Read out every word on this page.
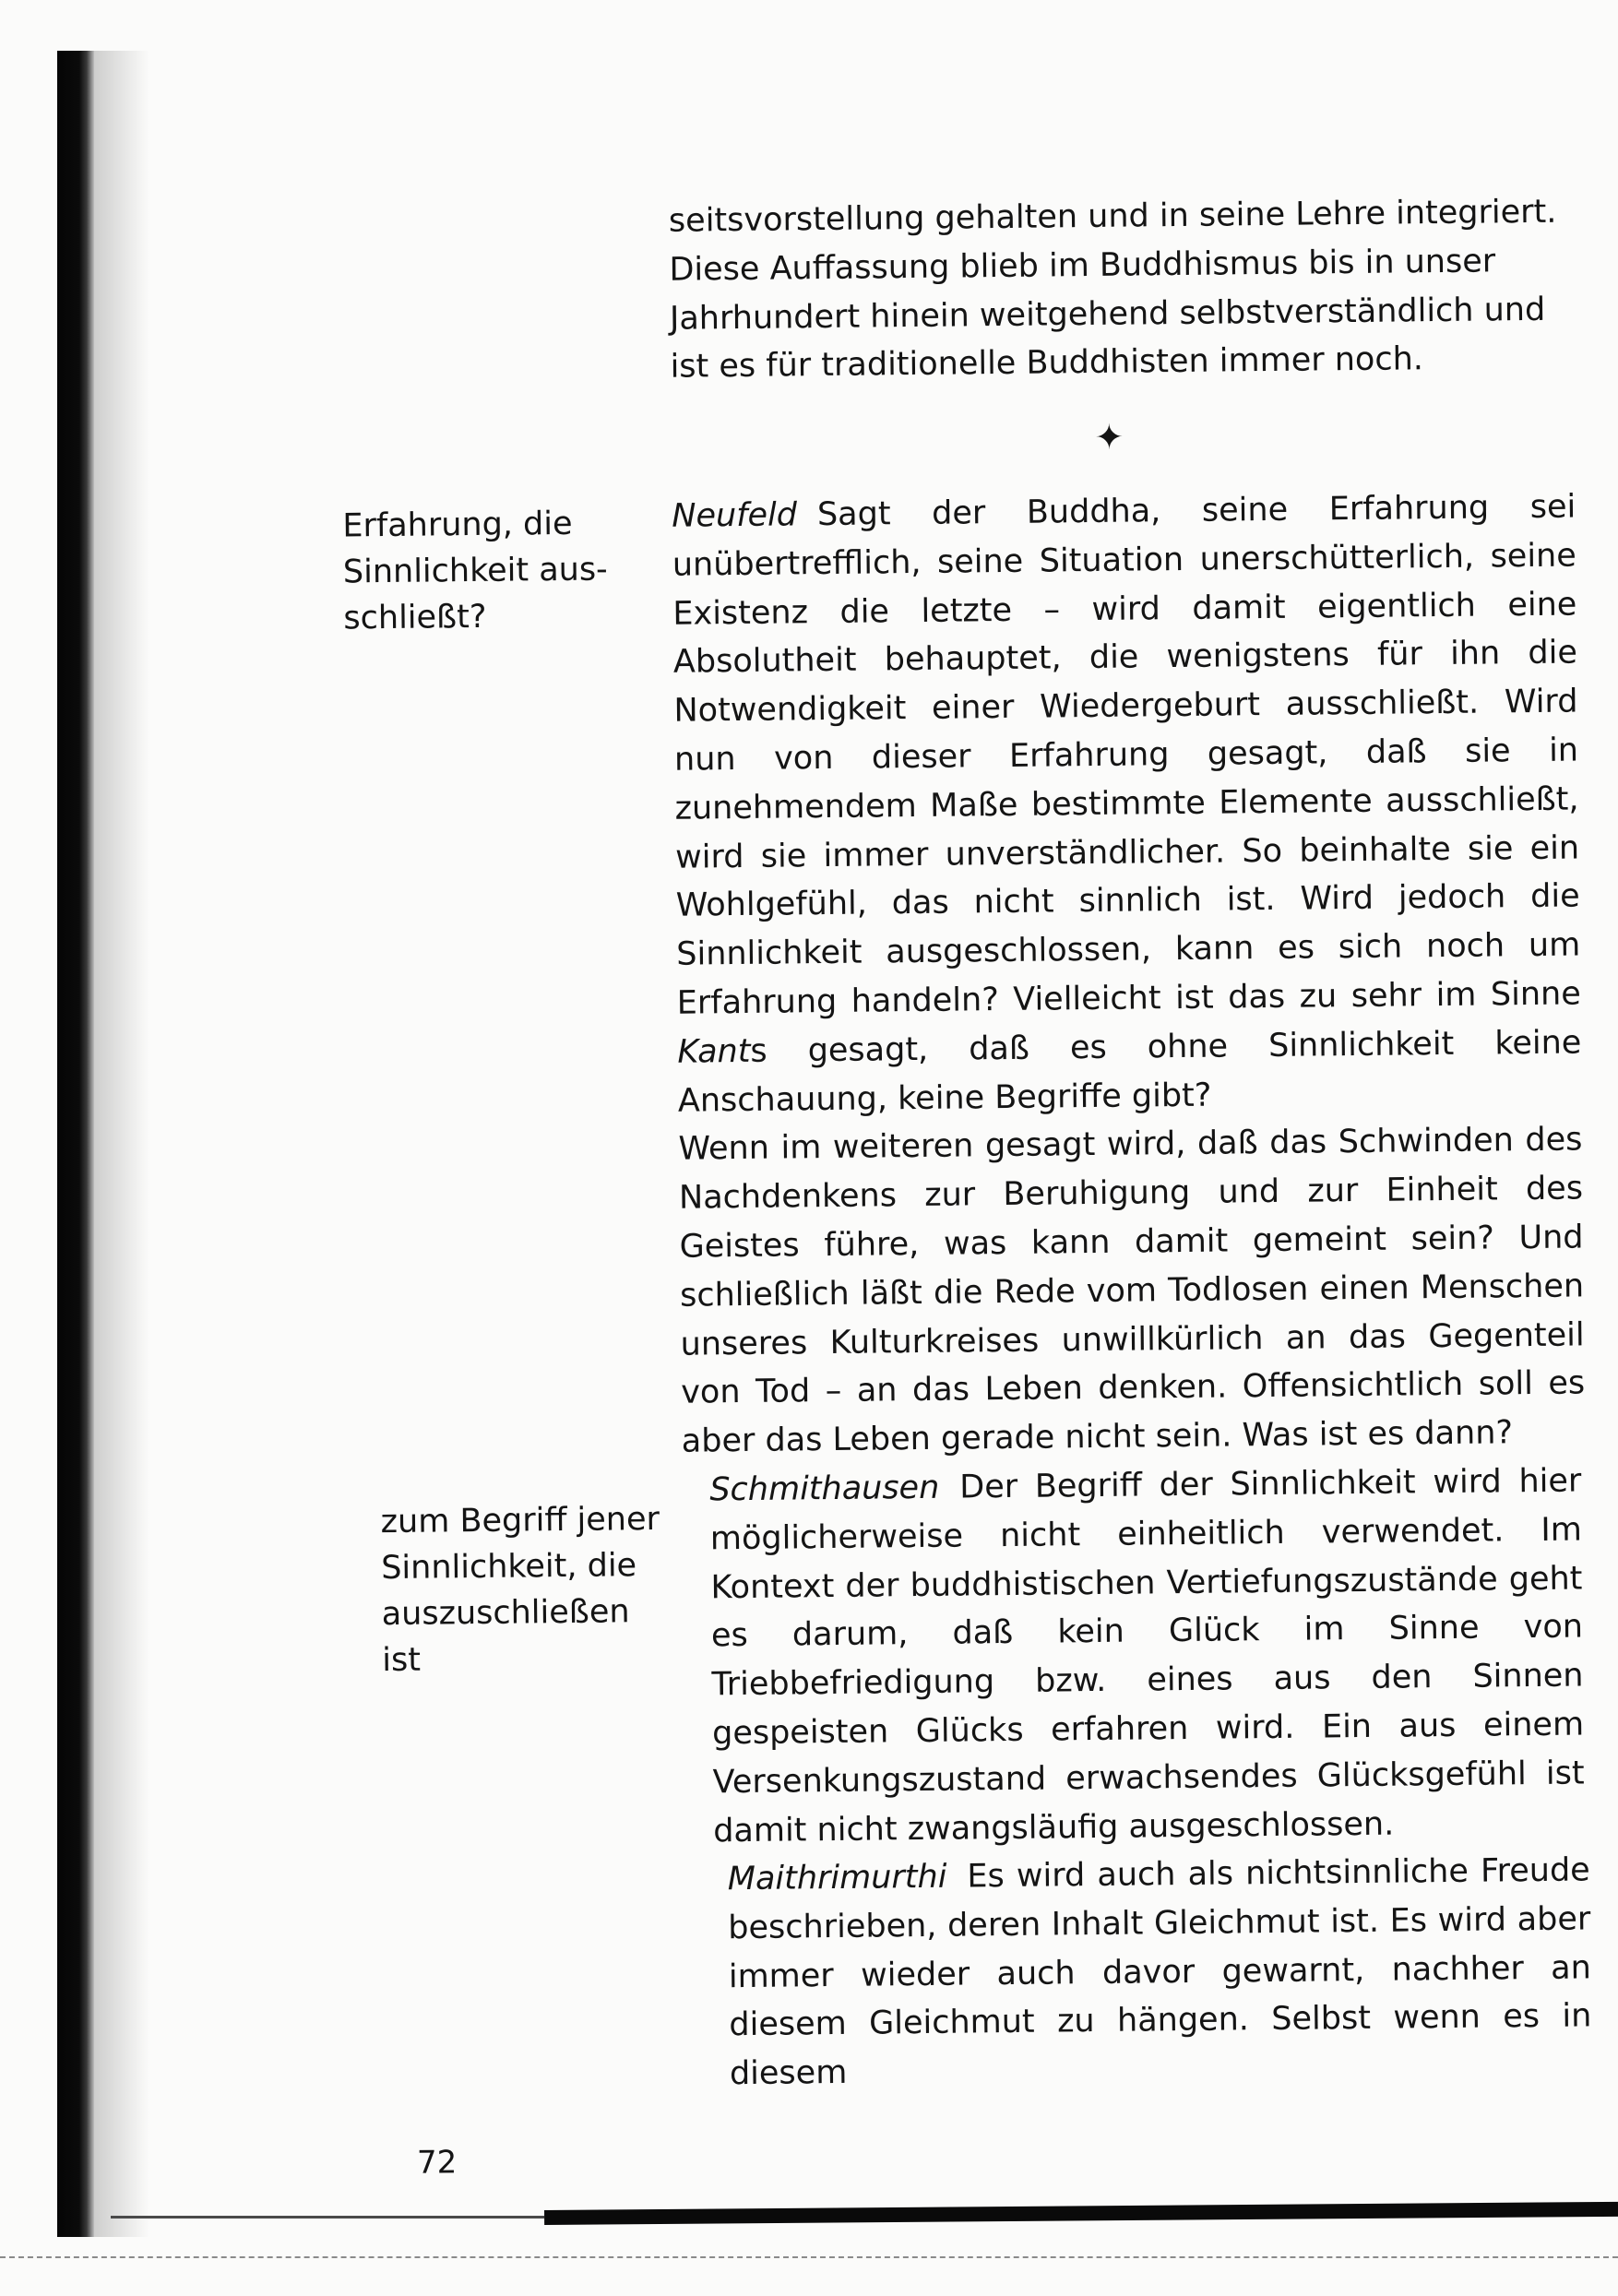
seitsvorstellung gehalten und in seine Lehre integriert.
Diese Auffassung blieb im Buddhismus bis in unser
Jahrhundert hinein weitgehend selbstverständlich und
ist es für traditionelle Buddhisten immer noch.
✦
Erfahrung, die
Sinnlichkeit aus-
schließt?

Neufeld Sagt der Buddha, seine Erfahrung sei unübertrefflich, seine Situation unerschütterlich, seine Existenz die letzte – wird damit eigentlich eine Absolutheit behauptet, die wenigstens für ihn die Notwendigkeit einer Wiedergeburt ausschließt. Wird nun von dieser Erfahrung gesagt, daß sie in zunehmendem Maße bestimmte Elemente ausschließt, wird sie immer unverständlicher. So beinhalte sie ein Wohlgefühl, das nicht sinnlich ist. Wird jedoch die Sinnlichkeit ausgeschlossen, kann es sich noch um Erfahrung handeln? Vielleicht ist das zu sehr im Sinne Kants gesagt, daß es ohne Sinnlichkeit keine Anschauung, keine Begriffe gibt?

Wenn im weiteren gesagt wird, daß das Schwinden des Nachdenkens zur Beruhigung und zur Einheit des Geistes führe, was kann damit gemeint sein? Und schließlich läßt die Rede vom Todlosen einen Menschen unseres Kulturkreises unwillkürlich an das Gegenteil von Tod – an das Leben denken. Offensichtlich soll es aber das Leben gerade nicht sein. Was ist es dann?

zum Begriff jener
Sinnlichkeit, die
auszuschließen
ist

Schmithausen Der Begriff der Sinnlichkeit wird hier möglicherweise nicht einheitlich verwendet. Im Kontext der buddhistischen Vertiefungszustände geht es darum, daß kein Glück im Sinne von Triebbefriedigung bzw. eines aus den Sinnen gespeisten Glücks erfahren wird. Ein aus einem Versenkungszustand erwachsendes Glücksgefühl ist damit nicht zwangsläufig ausgeschlossen.

Maithrimurthi Es wird auch als nichtsinnliche Freude beschrieben, deren Inhalt Gleichmut ist. Es wird aber immer wieder auch davor gewarnt, nachher an diesem Gleichmut zu hängen. Selbst wenn es in diesem

72
